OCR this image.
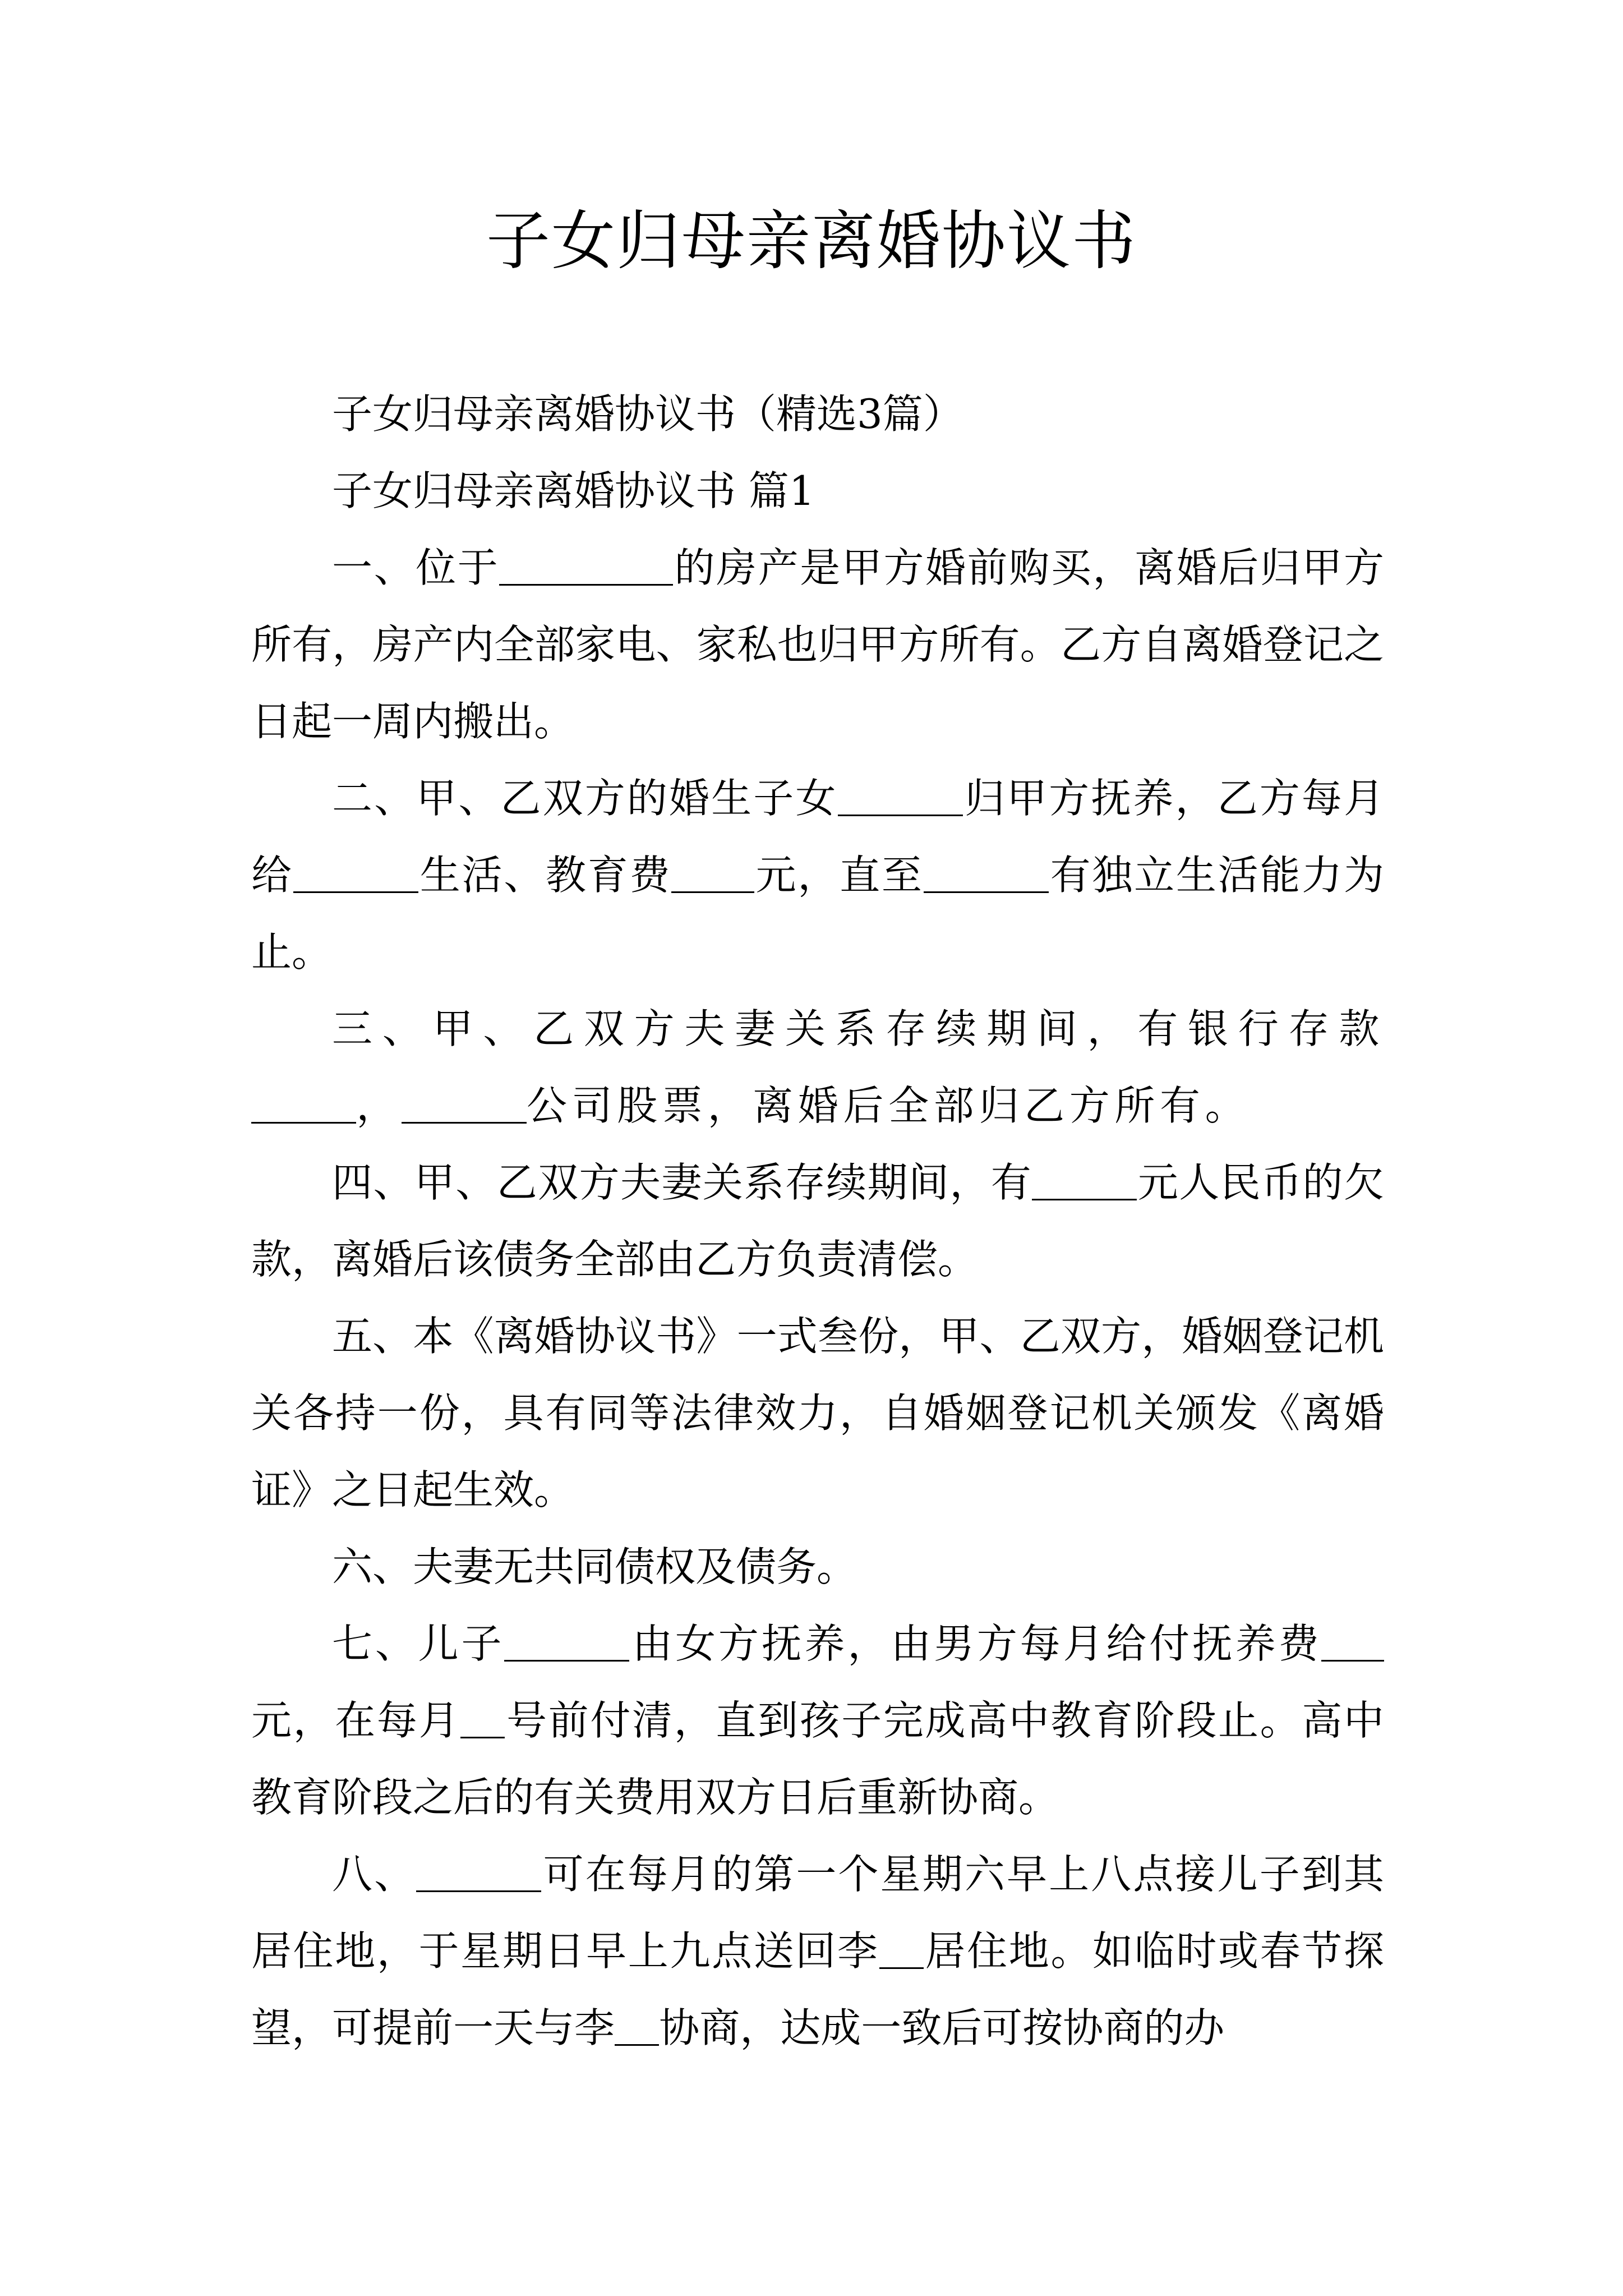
子女归母亲离婚协议书

子女归母亲离婚协议书（精选3篇）

子女归母亲离婚协议书 篇1

一、位于	的房产是甲方婚前购买，离婚后归甲方所有，房产内全部家电、家私也归甲方所有。乙方自离婚登记之日起一周内搬出。

二、甲、乙双方的婚生子女	归甲方抚养，乙方每月给	生活、教育费 元，直至	有独立生活能力为止。

三、甲、乙双方夫妻关系存续期间，有银行存款，	公司股票，离婚后全部归乙方所有。

四、甲、乙双方夫妻关系存续期间，有	元人民币的欠款，离婚后该债务全部由乙方负责清偿。

五、本《离婚协议书》一式叁份，甲、乙双方，婚姻登记机关各持一份，具有同等法律效力，自婚姻登记机关颁发《离婚证》之日起生效。

六、夫妻无共同债权及债务。

七、儿子	由女方抚养，由男方每月给付抚养费元，在每月 号前付清，直到孩子完成高中教育阶段止。高中教育阶段之后的有关费用双方日后重新协商。

八、	可在每月的第一个星期六早上八点接儿子到其居住地，于星期日早上九点送回李 居住地。如临时或春节探望，可提前一天与李 协商，达成一致后可按协商的办
